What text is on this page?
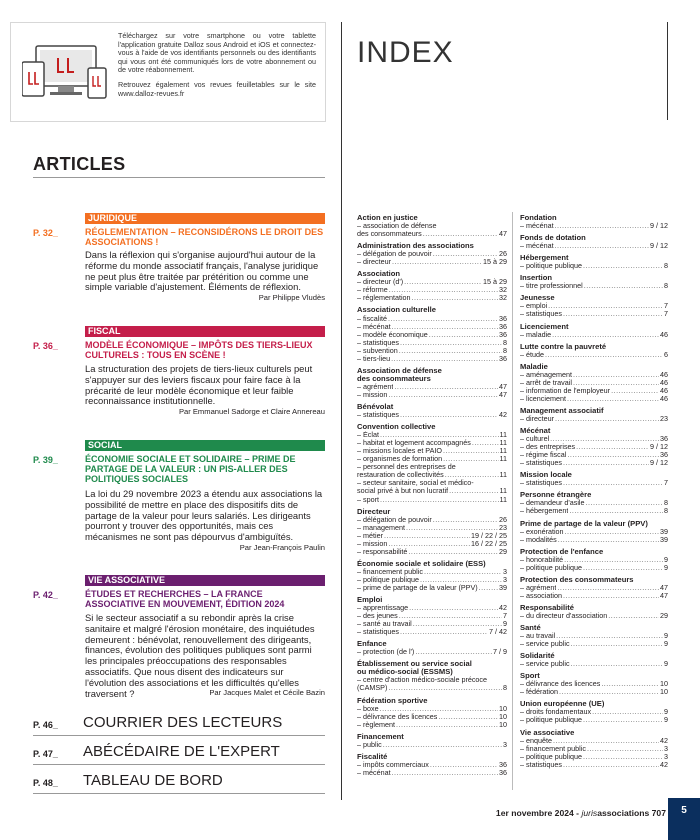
Téléchargez sur votre smartphone ou votre tablette l'application gratuite Dalloz sous Android et iOS et connectez-vous à l'aide de vos identifiants personnels ou des identifiants qui vous ont été communiqués lors de votre abonnement ou de votre réabonnement.

Retrouvez également vos revues feuilletables sur le site www.dalloz-revues.fr

INDEX
ARTICLES
JURIDIQUE
P. 32_	RÉGLEMENTATION – RECONSIDÉRONS LE DROIT DES ASSOCIATIONS !
Dans la réflexion qui s'organise aujourd'hui autour de la réforme du monde associatif français, l'analyse juridique ne peut plus être traitée par prétérition ou comme une simple variable d'ajustement. Éléments de réflexion.
Par Philippe Vludès
FISCAL
P. 36_	MODÈLE ÉCONOMIQUE – IMPÔTS DES TIERS-LIEUX CULTURELS : TOUS EN SCÈNE !
La structuration des projets de tiers-lieux culturels peut s'appuyer sur des leviers fiscaux pour faire face à la précarité de leur modèle économique et leur faible reconnaissance institutionnelle.
Par Emmanuel Sadorge et Claire Annereau
SOCIAL
P. 39_	ÉCONOMIE SOCIALE ET SOLIDAIRE – PRIME DE PARTAGE DE LA VALEUR : UN PIS-ALLER DES POLITIQUES SOCIALES
La loi du 29 novembre 2023 a étendu aux associations la possibilité de mettre en place des dispositifs dits de partage de la valeur pour leurs salariés. Les dirigeants pourront y trouver des opportunités, mais ces mécanismes ne sont pas dépourvus d'ambiguïtés.
Par Jean-François Paulin
VIE ASSOCIATIVE
P. 42_	ÉTUDES ET RECHERCHES – LA FRANCE ASSOCIATIVE EN MOUVEMENT, ÉDITION 2024
Si le secteur associatif a su rebondir après la crise sanitaire et malgré l'érosion monétaire, des inquiétudes demeurent : bénévolat, renouvellement des dirigeants, finances, évolution des politiques publiques sont parmi les principales préoccupations des responsables associatifs. Que nous disent des indicateurs sur l'évolution des associations et les difficultés qu'elles traversent ?	Par Jacques Malet et Cécile Bazin
P. 46_ COURRIER DES LECTEURS
P. 47_ ABÉCÉDAIRE DE L'EXPERT
P. 48_ TABLEAU DE BORD
Action en justice
– association de défense
des consommateurs .....	47
Administration des associations
– délégation de pouvoir .....	26
– directeur .....	15 à 29
Association
– directeur (d') .....	15 à 29
– réforme .....	32
– réglementation .....	32
Association culturelle
– fiscalité .....	36
– mécénat .....	36
– modèle économique .....	36
– statistiques .....	8
– subvention .....	8
– tiers-lieu .....	36
Association de défense
des consommateurs
– agrément .....	47
– mission .....	47
Bénévolat
– statistiques .....	42
Convention collective
– Éclat .....	11
– habitat et logement accompagnés .....	11
– missions locales et PAIO .....	11
– organismes de formation .....	11
– personnel des entreprises de
restauration de collectivités .....	11
– secteur sanitaire, social et médico-
social privé à but non lucratif .....	11
– sport .....	11
Directeur
– délégation de pouvoir .....	26
– management .....	23
– métier .....	19 / 22 / 25
– mission .....	16 / 22 / 25
– responsabilité .....	29
Économie sociale et solidaire (ESS)
– financement public .....	3
– politique publique .....	3
– prime de partage de la valeur (PPV) .....	39
Emploi
– apprentissage .....	42
– des jeunes .....	7
– santé au travail .....	9
– statistiques .....	7 / 42
Enfance
– protection (de l') .....	7 / 9
Établissement ou service social
ou médico-social (ESSMS)
– centre d'action médico-sociale précoce
(CAMSP) .....	8
Fédération sportive
– boxe .....	10
– délivrance des licences .....	10
– règlement .....	10
Financement
– public .....	3
Fiscalité
– impôts commerciaux .....	36
– mécénat .....	36
Fondation
– mécénat .....	9 / 12
Fonds de dotation
– mécénat .....	9 / 12
Hébergement
– politique publique .....	8
Insertion
– titre professionnel .....	8
Jeunesse
– emploi .....	7
– statistiques .....	7
Licenciement
– maladie .....	46
Lutte contre la pauvreté
– étude .....	6
Maladie
– aménagement .....	46
– arrêt de travail .....	46
– information de l'employeur .....	46
– licenciement .....	46
Management associatif
– directeur .....	23
Mécénat
– culturel .....	36
– des entreprises .....	9 / 12
– régime fiscal .....	36
– statistiques .....	9 / 12
Mission locale
– statistiques .....	7
Personne étrangère
– demandeur d'asile .....	8
– hébergement .....	8
Prime de partage de la valeur (PPV)
– exonération .....	39
– modalités .....	39
Protection de l'enfance
– honorabilité .....	9
– politique publique .....	9
Protection des consommateurs
– agrément .....	47
– association .....	47
Responsabilité
– du directeur d'association .....	29
Santé
– au travail .....	9
– service public .....	9
Solidarité
– service public .....	9
Sport
– délivrance des licences .....	10
– fédération .....	10
Union européenne (UE)
– droits fondamentaux .....	9
– politique publique .....	9
Vie associative
– enquête .....	42
– financement public .....	3
– politique publique .....	3
– statistiques .....	42
1er novembre 2024 - jurisassociations 707	5
